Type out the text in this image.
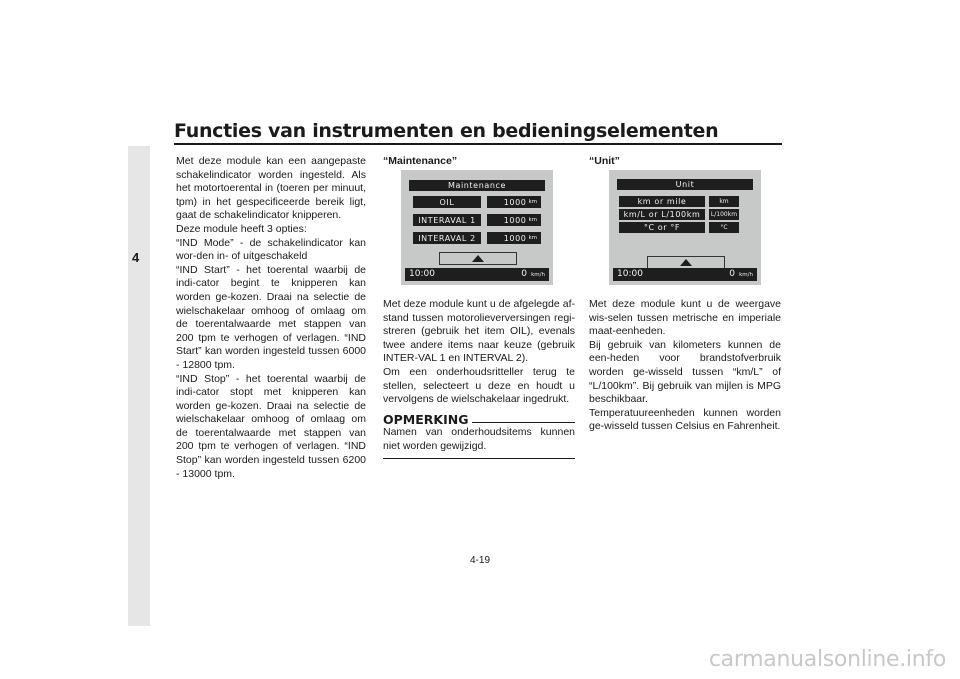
Functies van instrumenten en bedieningselementen
4

Met deze module kan een aangepaste schakelindicator worden ingesteld. Als het motortoerental in (toeren per minuut, tpm) in het gespecificeerde bereik ligt, gaat de schakelindicator knipperen.

Deze module heeft 3 opties:

“IND Mode” - de schakelindicator kan wor-den in- of uitgeschakeld

“IND Start” - het toerental waarbij de indi-cator begint te knipperen kan worden ge-kozen. Draai na selectie de wielschakelaar omhoog of omlaag om de toerentalwaarde met stappen van 200 tpm te verhogen of verlagen. “IND Start” kan worden ingesteld tussen 6000 - 12800 tpm.

“IND Stop” - het toerental waarbij de indi-cator stopt met knipperen kan worden ge-kozen. Draai na selectie de wielschakelaar omhoog of omlaag om de toerentalwaarde met stappen van 200 tpm te verhogen of verlagen. “IND Stop” kan worden ingesteld tussen 6200 - 13000 tpm.

“Maintenance”

Maintenance
OIL	1000 km
INTERAVAL 1	1000 km
INTERAVAL 2	1000 km
10:00	0 km/h

Met deze module kunt u de afgelegde af-stand tussen motorolieverversingen regi-streren (gebruik het item OIL), evenals twee andere items naar keuze (gebruik INTER-VAL 1 en INTERVAL 2).

Om een onderhoudsritteller terug te stellen, selecteert u deze en houdt u vervolgens de wielschakelaar ingedrukt.

OPMERKING

Namen van onderhoudsitems kunnen niet worden gewijzigd.

“Unit”

Unit
km or mile	km
km/L or L/100km	L/100km
°C or °F	°C
10:00	0 km/h

Met deze module kunt u de weergave wis-selen tussen metrische en imperiale maat-eenheden.

Bij gebruik van kilometers kunnen de een-heden voor brandstofverbruik worden ge-wisseld tussen “km/L” of “L/100km”. Bij gebruik van mijlen is MPG beschikbaar.

Temperatuureenheden kunnen worden ge-wisseld tussen Celsius en Fahrenheit.

4-19
carmanualsonline.info
